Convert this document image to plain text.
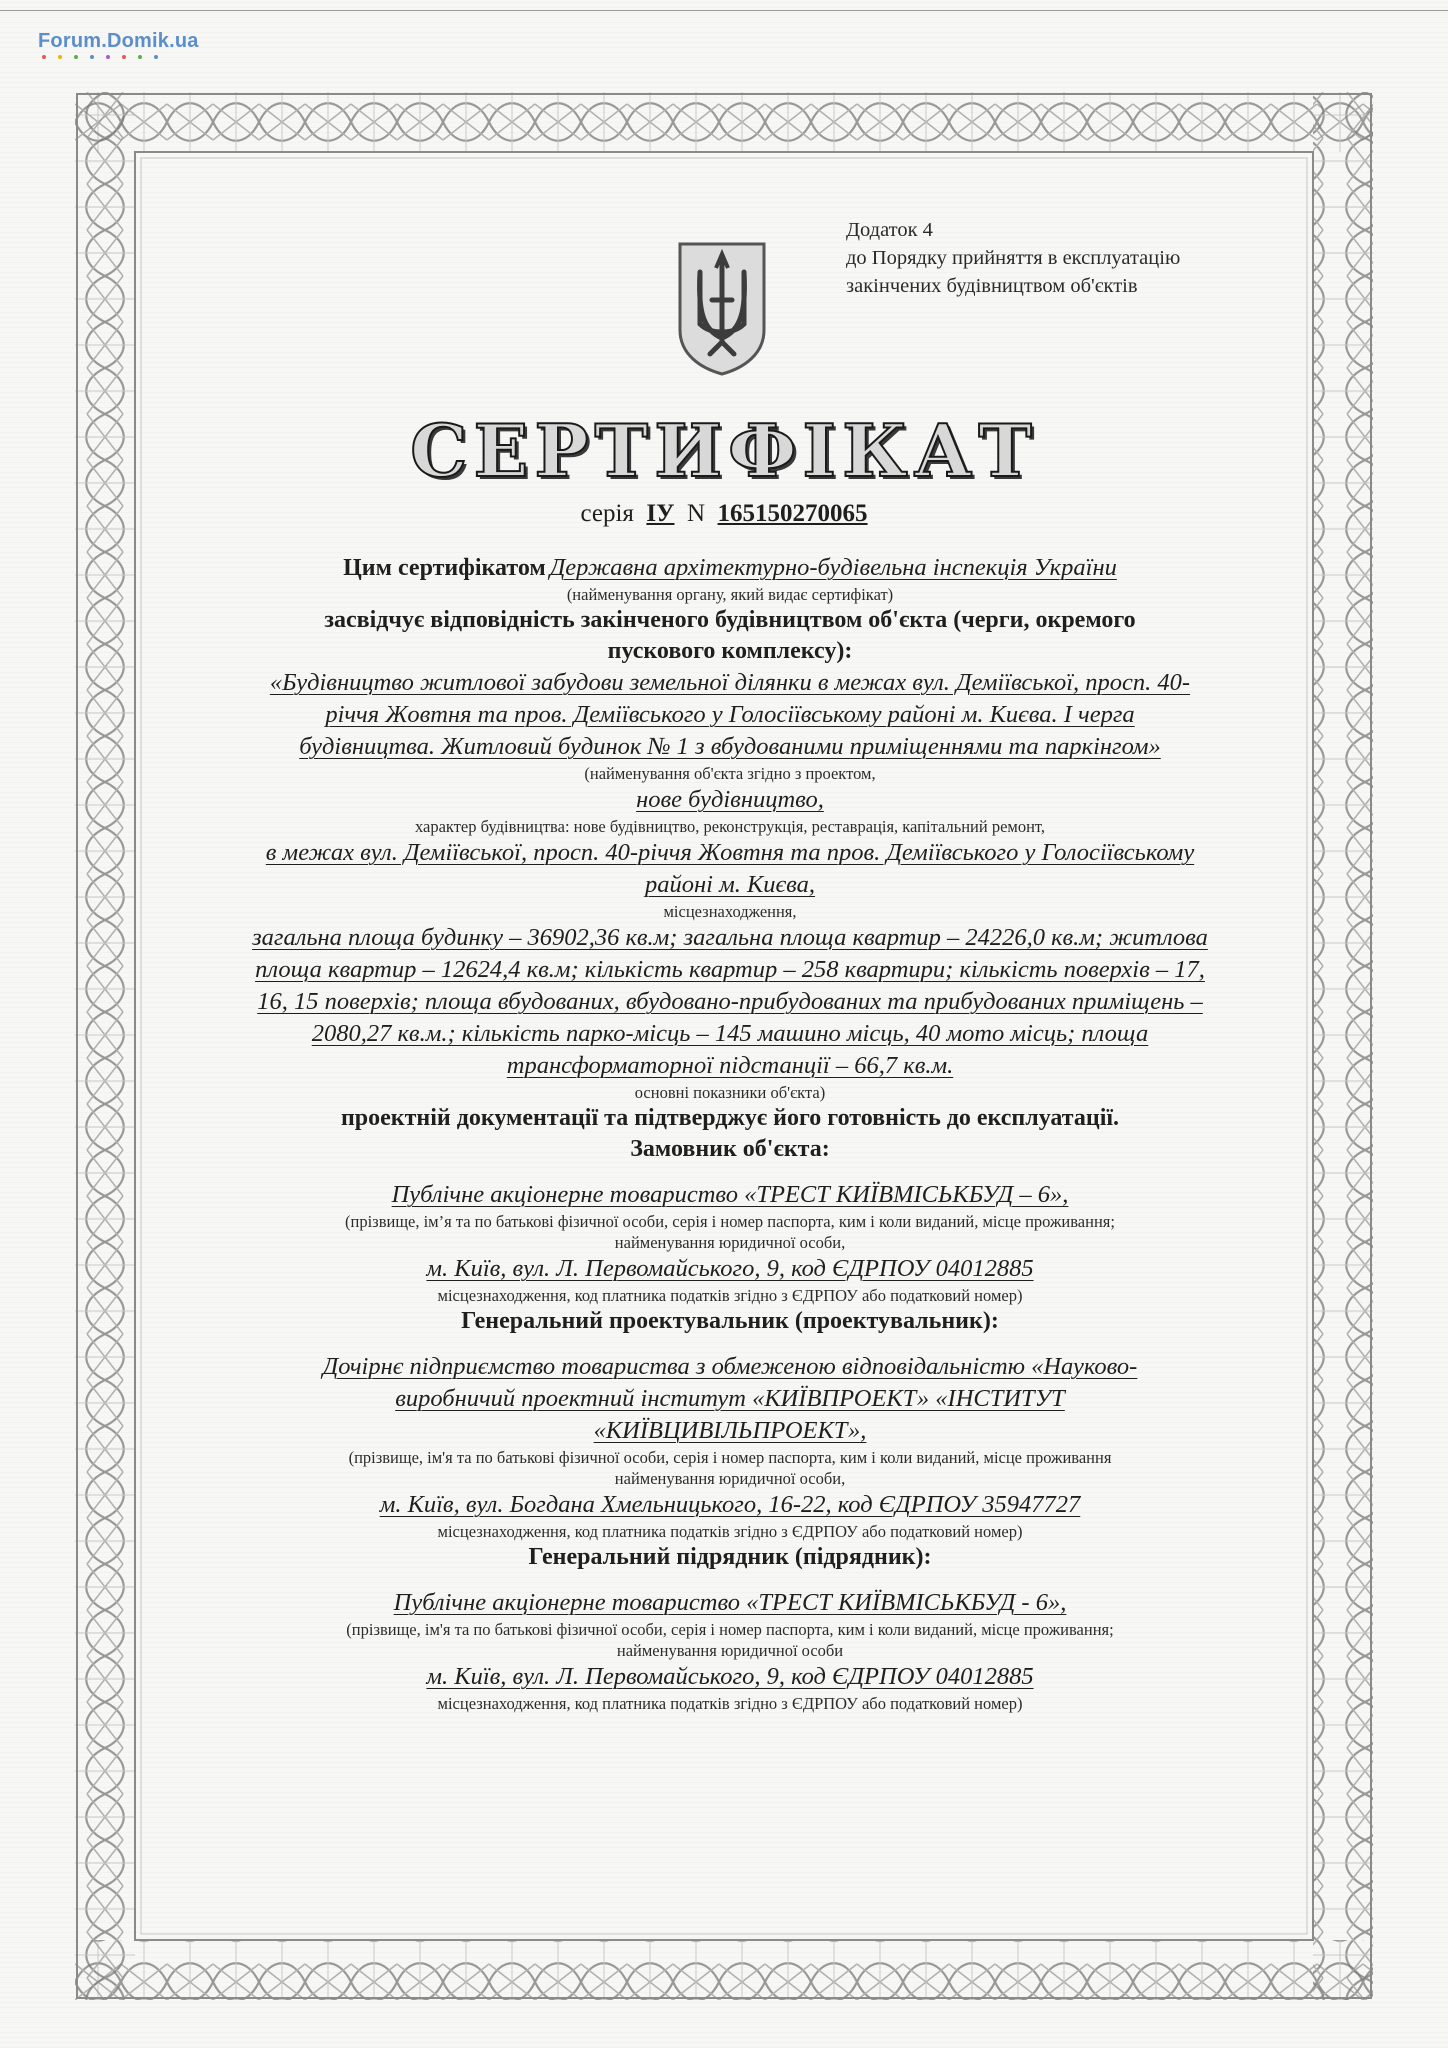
Forum.Domik.ua
Додаток 4
до Порядку прийняття в експлуатацію
закінчених будівництвом об'єктів
СЕРТИФІКАТ
серія ІУ N 165150270065
Цим сертифікатом Державна архітектурно-будівельна інспекція України
(найменування органу, який видає сертифікат)
засвідчує відповідність закінченого будівництвом об'єкта (черги, окремого
пускового комплексу):
«Будівництво житлової забудови земельної ділянки в межах вул. Деміївської, просп. 40-
річчя Жовтня та пров. Деміївського у Голосіївському районі м. Києва. І черга
будівництва. Житловий будинок № 1 з вбудованими приміщеннями та паркінгом»
(найменування об'єкта згідно з проектом,
нове будівництво,
характер будівництва: нове будівництво, реконструкція, реставрація, капітальний ремонт,
в межах вул. Деміївської, просп. 40-річчя Жовтня та пров. Деміївського у Голосіївському
районі м. Києва,
місцезнаходження,
загальна площа будинку – 36902,36 кв.м; загальна площа квартир – 24226,0 кв.м; житлова
площа квартир – 12624,4 кв.м; кількість квартир – 258 квартири; кількість поверхів – 17,
16, 15 поверхів; площа вбудованих, вбудовано-прибудованих та прибудованих приміщень –
2080,27 кв.м.; кількість парко-місць – 145 машино місць, 40 мото місць; площа
трансформаторної підстанції – 66,7 кв.м.
основні показники об'єкта)
проектній документації та підтверджує його готовність до експлуатації.
Замовник об'єкта:
Публічне акціонерне товариство «ТРЕСТ КИЇВМІСЬКБУД – 6»,
(прізвище, ім’я та по батькові фізичної особи, серія і номер паспорта, ким і коли виданий, місце проживання;
найменування юридичної особи,
м. Київ, вул. Л. Первомайського, 9, код ЄДРПОУ 04012885
місцезнаходження, код платника податків згідно з ЄДРПОУ або податковий номер)
Генеральний проектувальник (проектувальник):
Дочірнє підприємство товариства з обмеженою відповідальністю «Науково-
виробничий проектний інститут «КИЇВПРОЕКТ» «ІНСТИТУТ
«КИЇВЦИВІЛЬПРОЕКТ»,
(прізвище, ім'я та по батькові фізичної особи, серія і номер паспорта, ким і коли виданий, місце проживання
найменування юридичної особи,
м. Київ, вул. Богдана Хмельницького, 16-22, код ЄДРПОУ 35947727
місцезнаходження, код платника податків згідно з ЄДРПОУ або податковий номер)
Генеральний підрядник (підрядник):
Публічне акціонерне товариство «ТРЕСТ КИЇВМІСЬКБУД - 6»,
(прізвище, ім'я та по батькові фізичної особи, серія і номер паспорта, ким і коли виданий, місце проживання;
найменування юридичної особи
м. Київ, вул. Л. Первомайського, 9, код ЄДРПОУ 04012885
місцезнаходження, код платника податків згідно з ЄДРПОУ або податковий номер)
